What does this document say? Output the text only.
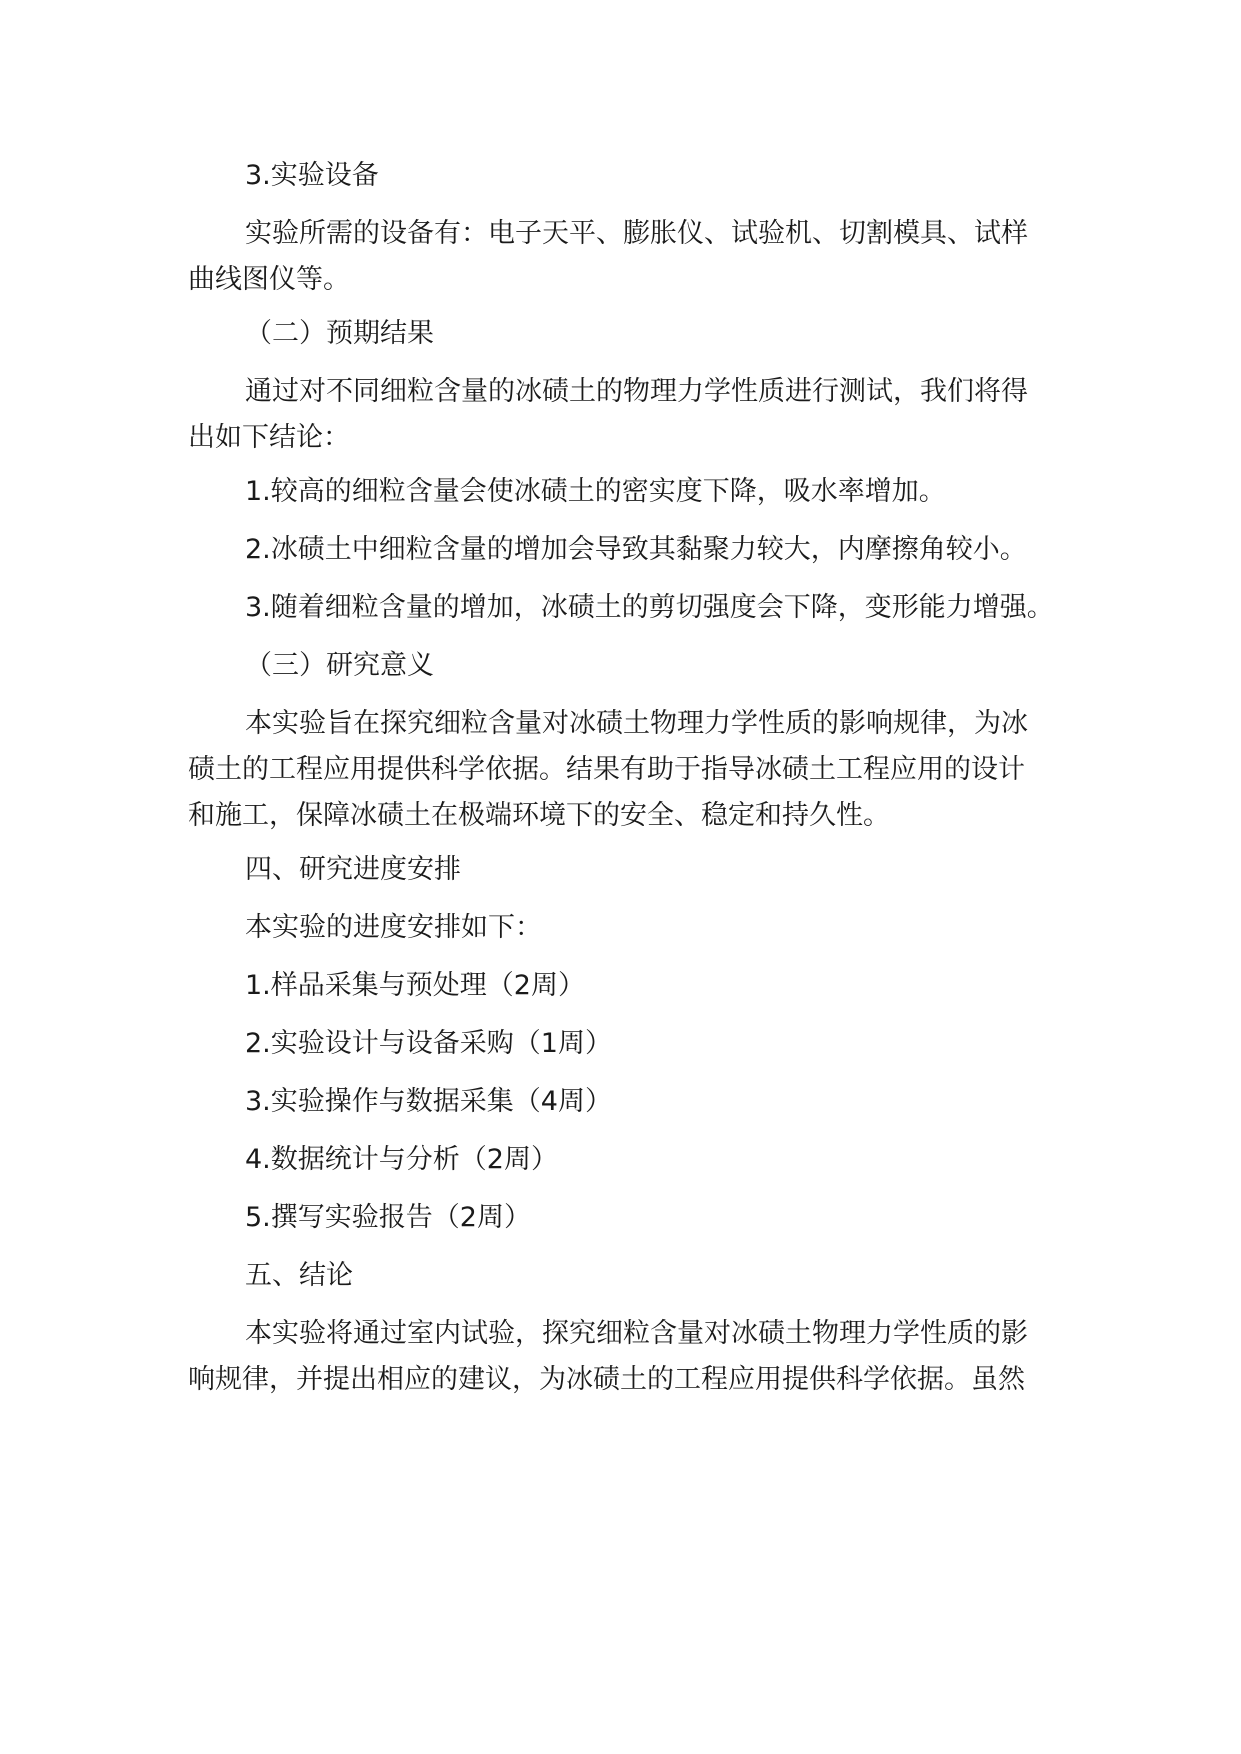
3.实验设备
实验所需的设备有：电子天平、膨胀仪、试验机、切割模具、试样
曲线图仪等。
（二）预期结果
通过对不同细粒含量的冰碛土的物理力学性质进行测试，我们将得
出如下结论：
1.较高的细粒含量会使冰碛土的密实度下降，吸水率增加。
2.冰碛土中细粒含量的增加会导致其黏聚力较大，内摩擦角较小。
3.随着细粒含量的增加，冰碛土的剪切强度会下降，变形能力增强。
（三）研究意义
本实验旨在探究细粒含量对冰碛土物理力学性质的影响规律，为冰
碛土的工程应用提供科学依据。结果有助于指导冰碛土工程应用的设计
和施工，保障冰碛土在极端环境下的安全、稳定和持久性。
四、研究进度安排
本实验的进度安排如下：
1.样品采集与预处理（2周）
2.实验设计与设备采购（1周）
3.实验操作与数据采集（4周）
4.数据统计与分析（2周）
5.撰写实验报告（2周）
五、结论
本实验将通过室内试验，探究细粒含量对冰碛土物理力学性质的影
响规律，并提出相应的建议，为冰碛土的工程应用提供科学依据。虽然
